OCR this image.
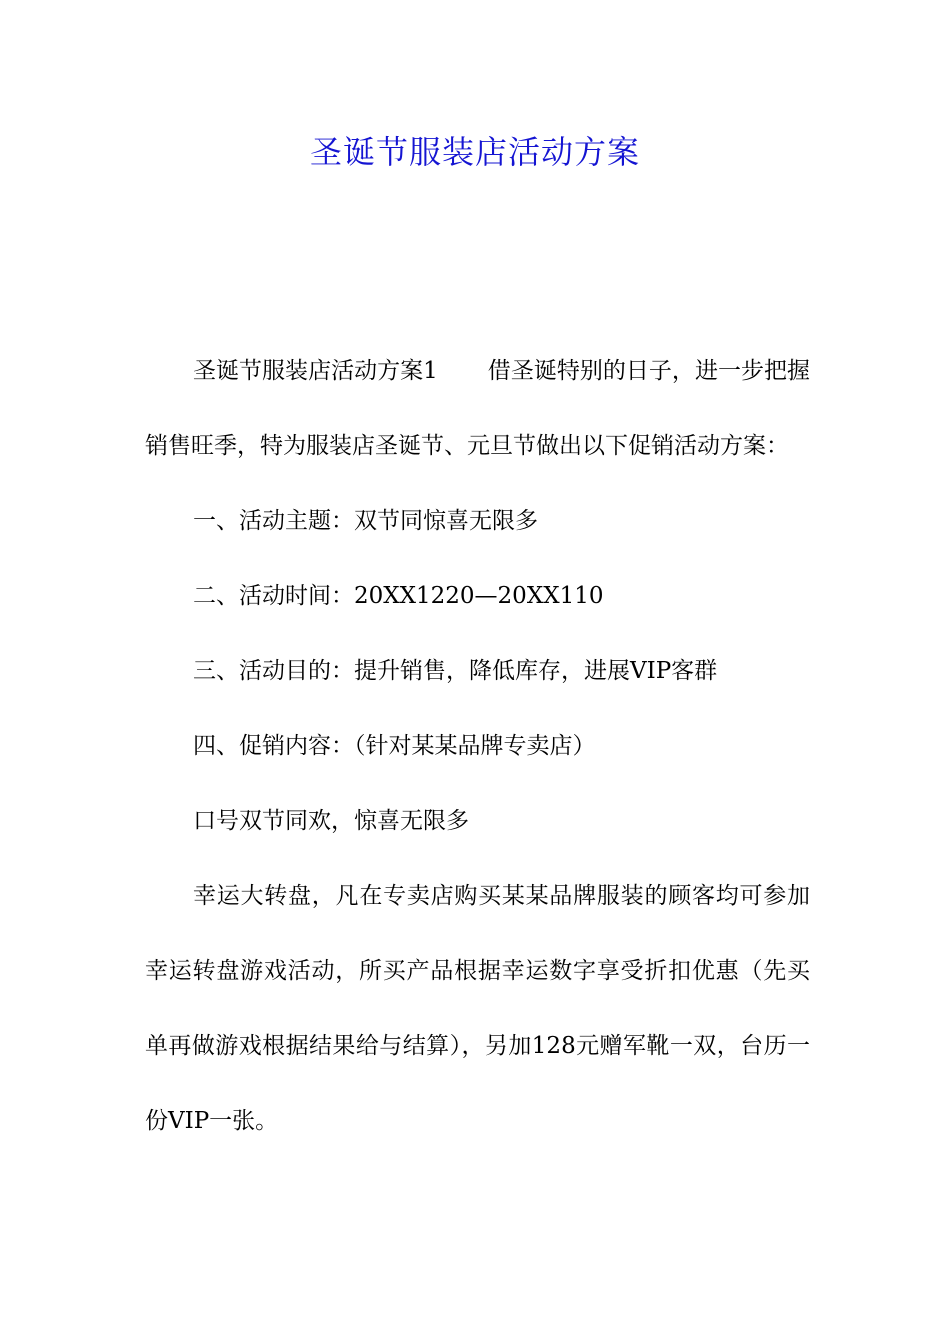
圣诞节服装店活动方案

圣诞节服装店活动方案1 借圣诞特别的日子，进一步把握销售旺季，特为服装店圣诞节、元旦节做出以下促销活动方案：

一、活动主题：双节同惊喜无限多

二、活动时间：20XX1220—20XX110

三、活动目的：提升销售，降低库存，进展VIP客群

四、促销内容：（针对某某品牌专卖店）

口号双节同欢，惊喜无限多

幸运大转盘，凡在专卖店购买某某品牌服装的顾客均可参加幸运转盘游戏活动，所买产品根据幸运数字享受折扣优惠（先买单再做游戏根据结果给与结算），另加128元赠军靴一双，台历一份VIP一张。
